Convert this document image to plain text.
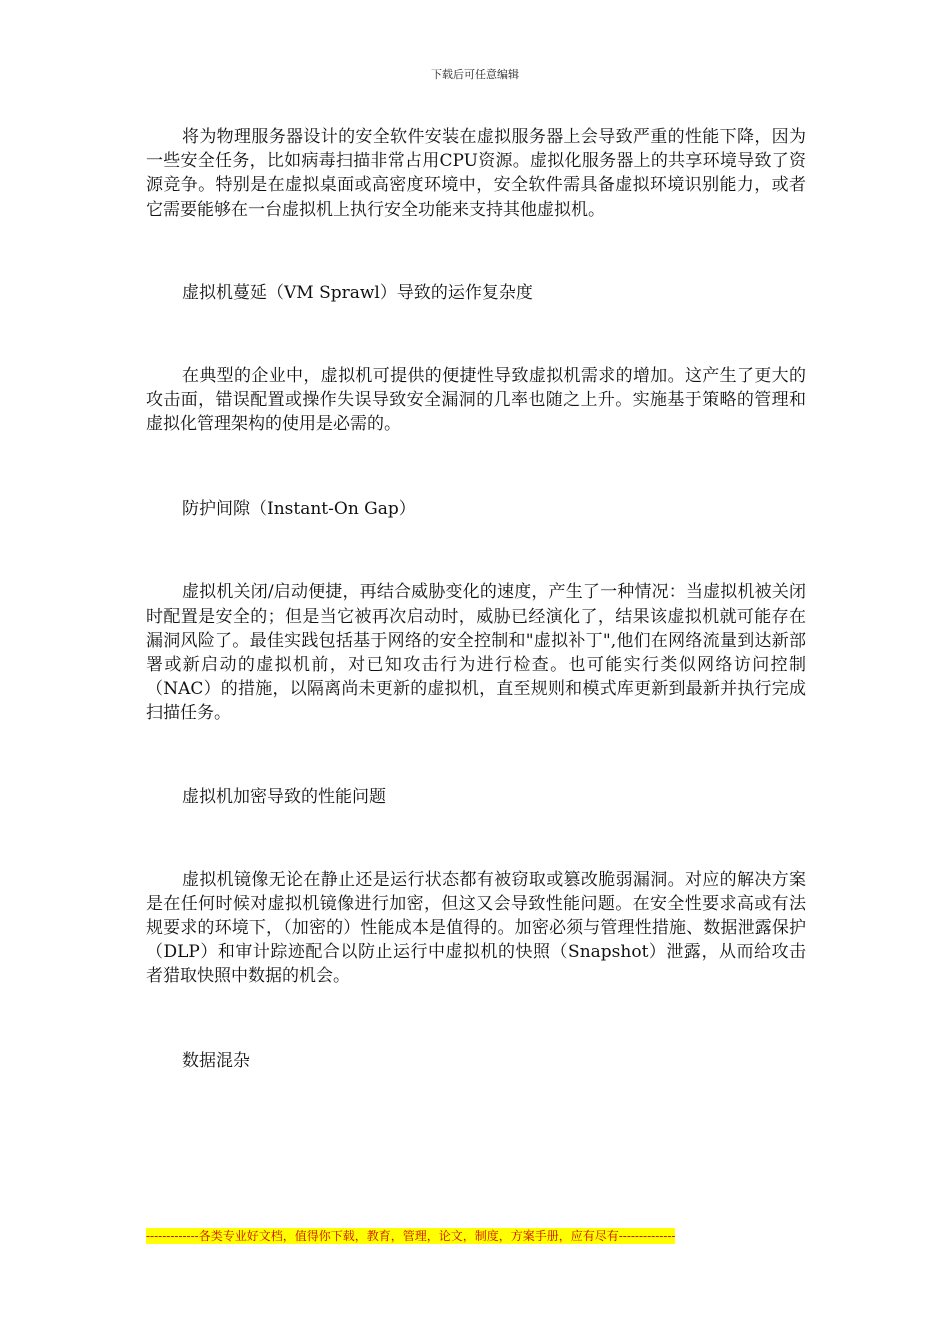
下载后可任意编辑

将为物理服务器设计的安全软件安装在虚拟服务器上会导致严重的性能下降，因为一些安全任务，比如病毒扫描非常占用CPU资源。虚拟化服务器上的共享环境导致了资源竞争。特别是在虚拟桌面或高密度环境中，安全软件需具备虚拟环境识别能力，或者它需要能够在一台虚拟机上执行安全功能来支持其他虚拟机。

虚拟机蔓延（VM Sprawl）导致的运作复杂度

在典型的企业中，虚拟机可提供的便捷性导致虚拟机需求的增加。这产生了更大的攻击面，错误配置或操作失误导致安全漏洞的几率也随之上升。实施基于策略的管理和虚拟化管理架构的使用是必需的。

防护间隙（Instant-On Gap）

虚拟机关闭/启动便捷，再结合威胁变化的速度，产生了一种情况：当虚拟机被关闭时配置是安全的；但是当它被再次启动时，威胁已经演化了，结果该虚拟机就可能存在漏洞风险了。最佳实践包括基于网络的安全控制和"虚拟补丁",他们在网络流量到达新部署或新启动的虚拟机前，对已知攻击行为进行检查。也可能实行类似网络访问控制（NAC）的措施，以隔离尚未更新的虚拟机，直至规则和模式库更新到最新并执行完成扫描任务。

虚拟机加密导致的性能问题

虚拟机镜像无论在静止还是运行状态都有被窃取或篡改脆弱漏洞。对应的解决方案是在任何时候对虚拟机镜像进行加密，但这又会导致性能问题。在安全性要求高或有法规要求的环境下，（加密的）性能成本是值得的。加密必须与管理性措施、数据泄露保护（DLP）和审计踪迹配合以防止运行中虚拟机的快照（Snapshot）泄露，从而给攻击者猎取快照中数据的机会。

数据混杂

-------------各类专业好文档，值得你下载，教育，管理，论文，制度，方案手册，应有尽有--------------
